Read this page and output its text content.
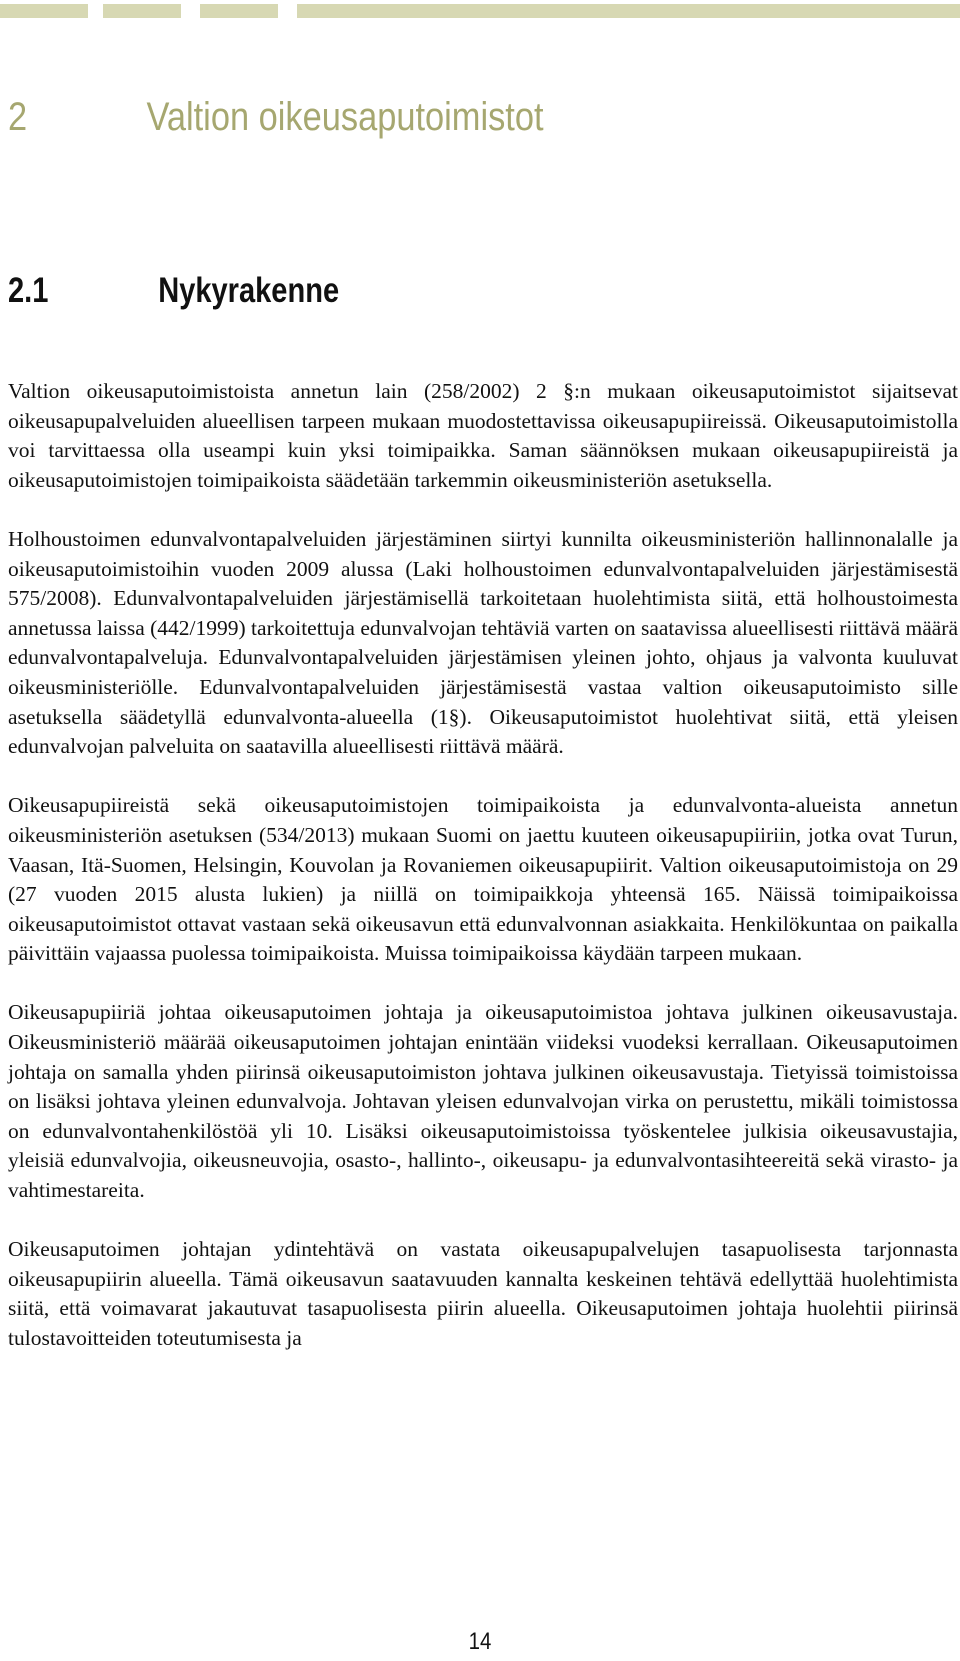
2	Valtion oikeusaputoimistot
2.1	Nykyrakenne

Valtion oikeusaputoimistoista annetun lain (258/2002) 2 §:n mukaan oikeusaputoimistot sijaitsevat oikeusapupalveluiden alueellisen tarpeen mukaan muodostettavissa oikeusapupiireissä. Oikeusaputoimistolla voi tarvittaessa olla useampi kuin yksi toimipaikka. Saman säännöksen mukaan oikeusapupiireistä ja oikeusaputoimistojen toimipaikoista säädetään tarkemmin oikeusministeriön asetuksella.

Holhoustoimen edunvalvontapalveluiden järjestäminen siirtyi kunnilta oikeusministeriön hallinnonalalle ja oikeusaputoimistoihin vuoden 2009 alussa (Laki holhoustoimen edunvalvontapalveluiden järjestämisestä 575/2008). Edunvalvontapalveluiden järjestämisellä tarkoitetaan huolehtimista siitä, että holhoustoimesta annetussa laissa (442/1999) tarkoitettuja edunvalvojan tehtäviä varten on saatavissa alueellisesti riittävä määrä edunvalvontapalveluja. Edunvalvontapalveluiden järjestämisen yleinen johto, ohjaus ja valvonta kuuluvat oikeusministeriölle. Edunvalvontapalveluiden järjestämisestä vastaa valtion oikeusaputoimisto sille asetuksella säädetyllä edunvalvonta-alueella (1§). Oikeusaputoimistot huolehtivat siitä, että yleisen edunvalvojan palveluita on saatavilla alueellisesti riittävä määrä.

Oikeusapupiireistä sekä oikeusaputoimistojen toimipaikoista ja edunvalvonta-alueista annetun oikeusministeriön asetuksen (534/2013) mukaan Suomi on jaettu kuuteen oikeusapupiiriin, jotka ovat Turun, Vaasan, Itä-Suomen, Helsingin, Kouvolan ja Rovaniemen oikeusapupiirit. Valtion oikeusaputoimistoja on 29 (27 vuoden 2015 alusta lukien) ja niillä on toimipaikkoja yhteensä 165. Näissä toimipaikoissa oikeusaputoimistot ottavat vastaan sekä oikeusavun että edunvalvonnan asiakkaita. Henkilökuntaa on paikalla päivittäin vajaassa puolessa toimipaikoista. Muissa toimipaikoissa käydään tarpeen mukaan.

Oikeusapupiiriä johtaa oikeusaputoimen johtaja ja oikeusaputoimistoa johtava julkinen oikeusavustaja. Oikeusministeriö määrää oikeusaputoimen johtajan enintään viideksi vuodeksi kerrallaan. Oikeusaputoimen johtaja on samalla yhden piirinsä oikeusaputoimiston johtava julkinen oikeusavustaja. Tietyissä toimistoissa on lisäksi johtava yleinen edunvalvoja. Johtavan yleisen edunvalvojan virka on perustettu, mikäli toimistossa on edunvalvontahenkilöstöä yli 10. Lisäksi oikeusaputoimistoissa työskentelee julkisia oikeusavustajia, yleisiä edunvalvojia, oikeusneuvojia, osasto-, hallinto-, oikeusapu- ja edunvalvontasihteereitä sekä virasto- ja vahtimestareita.

Oikeusaputoimen johtajan ydintehtävä on vastata oikeusapupalvelujen tasapuolisesta tarjonnasta oikeusapupiirin alueella. Tämä oikeusavun saatavuuden kannalta keskeinen tehtävä edellyttää huolehtimista siitä, että voimavarat jakautuvat tasapuolisesta piirin alueella. Oikeusaputoimen johtaja huolehtii piirinsä tulostavoitteiden toteutumisesta ja

14
